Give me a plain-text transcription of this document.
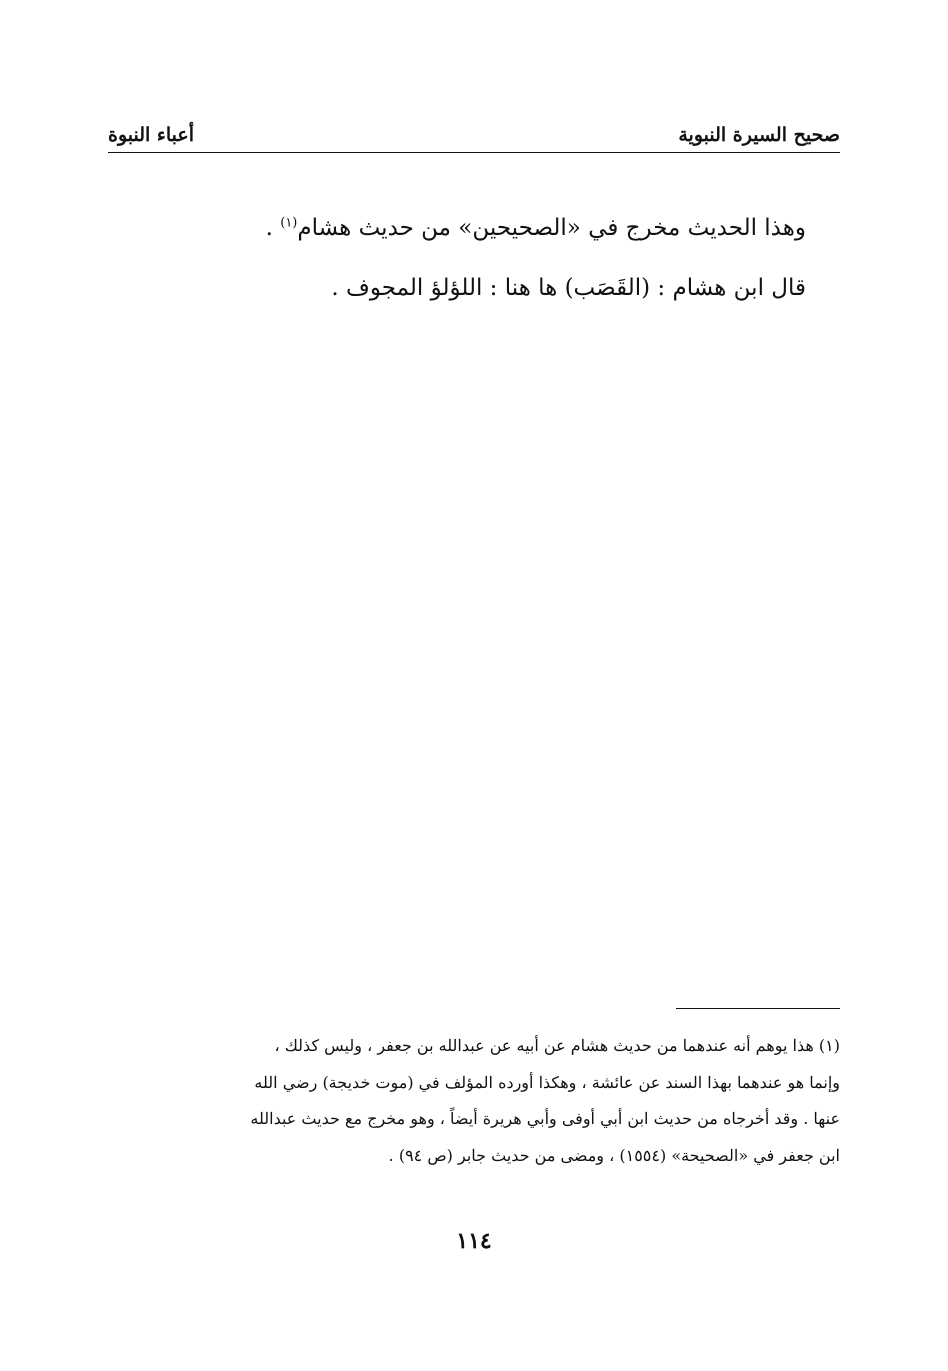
صحيح السيرة النبوية
أعباء النبوة

وهذا الحديث مخرج في «الصحيحين» من حديث هشام$^{(١)}$ .

قال ابن هشام : (القَصَب) ها هنا : اللؤلؤ المجوف .

(١) هذا يوهم أنه عندهما من حديث هشام عن أبيه عن عبدالله بن جعفر ، وليس كذلك ،

وإنما هو عندهما بهذا السند عن عائشة ، وهكذا أورده المؤلف في (موت خديجة) رضي الله

عنها . وقد أخرجاه من حديث ابن أبي أوفى وأبي هريرة أيضاً ، وهو مخرج مع حديث عبدالله

ابن جعفر في «الصحيحة» (١٥٥٤) ، ومضى من حديث جابر (ص ٩٤) .

١١٤
